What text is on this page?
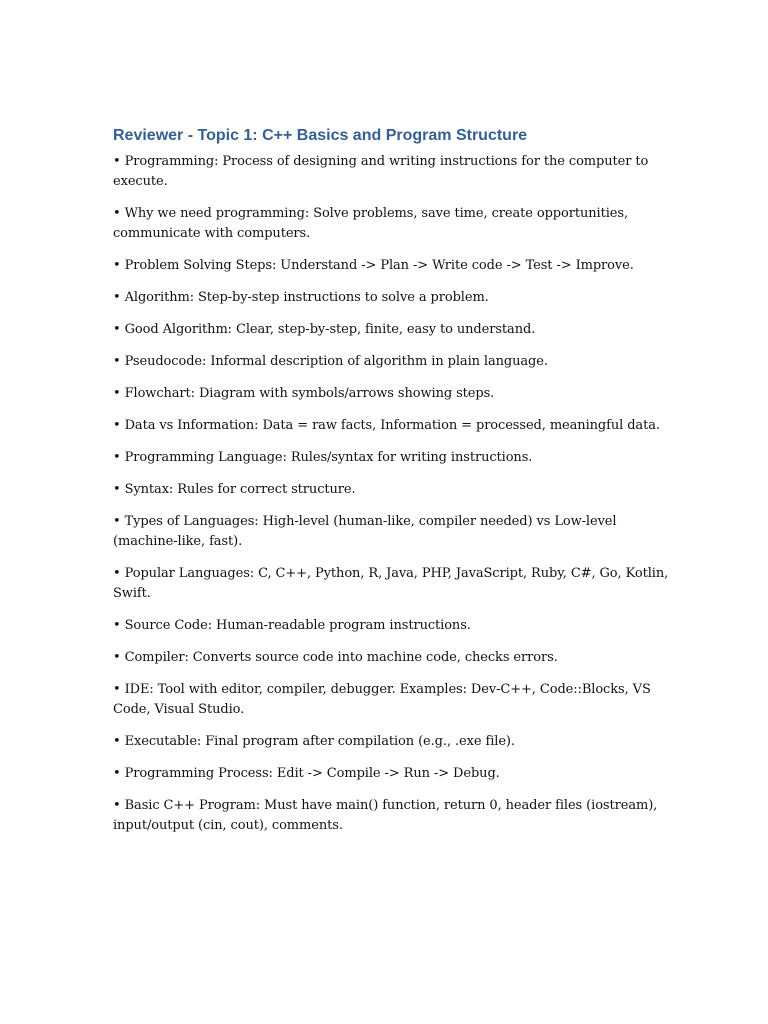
Reviewer - Topic 1: C++ Basics and Program Structure
• Programming: Process of designing and writing instructions for the computer to execute.
• Why we need programming: Solve problems, save time, create opportunities, communicate with computers.
• Problem Solving Steps: Understand -> Plan -> Write code -> Test -> Improve.
• Algorithm: Step-by-step instructions to solve a problem.
• Good Algorithm: Clear, step-by-step, finite, easy to understand.
• Pseudocode: Informal description of algorithm in plain language.
• Flowchart: Diagram with symbols/arrows showing steps.
• Data vs Information: Data = raw facts, Information = processed, meaningful data.
• Programming Language: Rules/syntax for writing instructions.
• Syntax: Rules for correct structure.
• Types of Languages: High-level (human-like, compiler needed) vs Low-level (machine-like, fast).
• Popular Languages: C, C++, Python, R, Java, PHP, JavaScript, Ruby, C#, Go, Kotlin, Swift.
• Source Code: Human-readable program instructions.
• Compiler: Converts source code into machine code, checks errors.
• IDE: Tool with editor, compiler, debugger. Examples: Dev-C++, Code::Blocks, VS Code, Visual Studio.
• Executable: Final program after compilation (e.g., .exe file).
• Programming Process: Edit -> Compile -> Run -> Debug.
• Basic C++ Program: Must have main() function, return 0, header files (iostream), input/output (cin, cout), comments.
